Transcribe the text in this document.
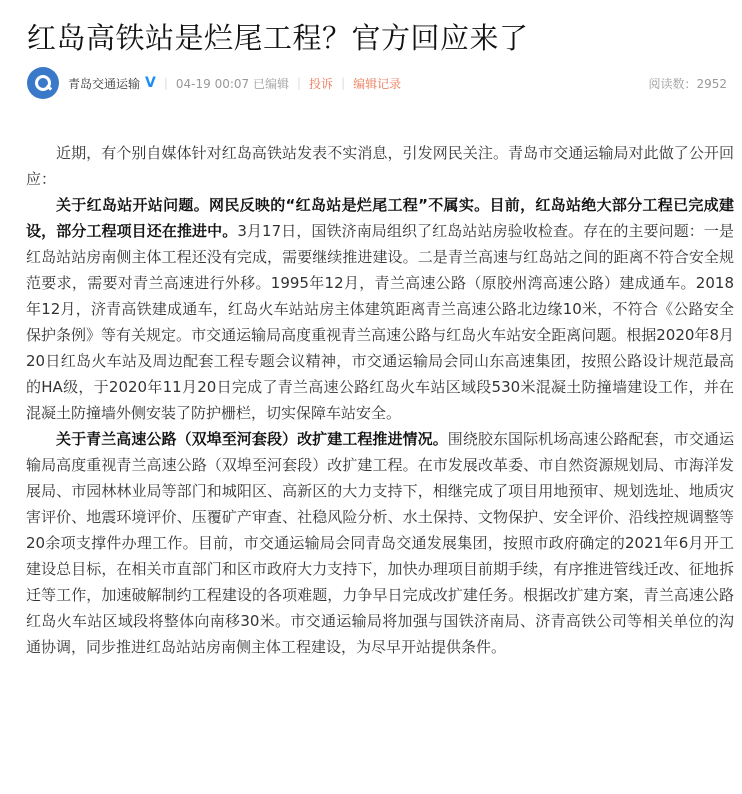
红岛高铁站是烂尾工程？官方回应来了
青岛交通运输 V | 04-19 00:07 已编辑 | 投诉 | 编辑记录	阅读数：2952

近期，有个别自媒体针对红岛高铁站发表不实消息，引发网民关注。青岛市交通运输局对此做了公开回应：

关于红岛站开站问题。网民反映的“红岛站是烂尾工程”不属实。目前，红岛站绝大部分工程已完成建设，部分工程项目还在推进中。3月17日，国铁济南局组织了红岛站站房验收检查。存在的主要问题：一是红岛站站房南侧主体工程还没有完成，需要继续推进建设。二是青兰高速与红岛站之间的距离不符合安全规范要求，需要对青兰高速进行外移。1995年12月，青兰高速公路（原胶州湾高速公路）建成通车。2018年12月，济青高铁建成通车，红岛火车站站房主体建筑距离青兰高速公路北边缘10米，不符合《公路安全保护条例》等有关规定。市交通运输局高度重视青兰高速公路与红岛火车站安全距离问题。根据2020年8月20日红岛火车站及周边配套工程专题会议精神，市交通运输局会同山东高速集团，按照公路设计规范最高的HA级，于2020年11月20日完成了青兰高速公路红岛火车站区域段530米混凝土防撞墙建设工作，并在混凝土防撞墙外侧安装了防护栅栏，切实保障车站安全。

关于青兰高速公路（双埠至河套段）改扩建工程推进情况。围绕胶东国际机场高速公路配套，市交通运输局高度重视青兰高速公路（双埠至河套段）改扩建工程。在市发展改革委、市自然资源规划局、市海洋发展局、市园林林业局等部门和城阳区、高新区的大力支持下，相继完成了项目用地预审、规划选址、地质灾害评价、地震环境评价、压覆矿产审查、社稳风险分析、水土保持、文物保护、安全评价、沿线控规调整等20余项支撑件办理工作。目前，市交通运输局会同青岛交通发展集团，按照市政府确定的2021年6月开工建设总目标，在相关市直部门和区市政府大力支持下，加快办理项目前期手续，有序推进管线迁改、征地拆迁等工作，加速破解制约工程建设的各项难题，力争早日完成改扩建任务。根据改扩建方案，青兰高速公路红岛火车站区域段将整体向南移30米。市交通运输局将加强与国铁济南局、济青高铁公司等相关单位的沟通协调，同步推进红岛站站房南侧主体工程建设，为尽早开站提供条件。
